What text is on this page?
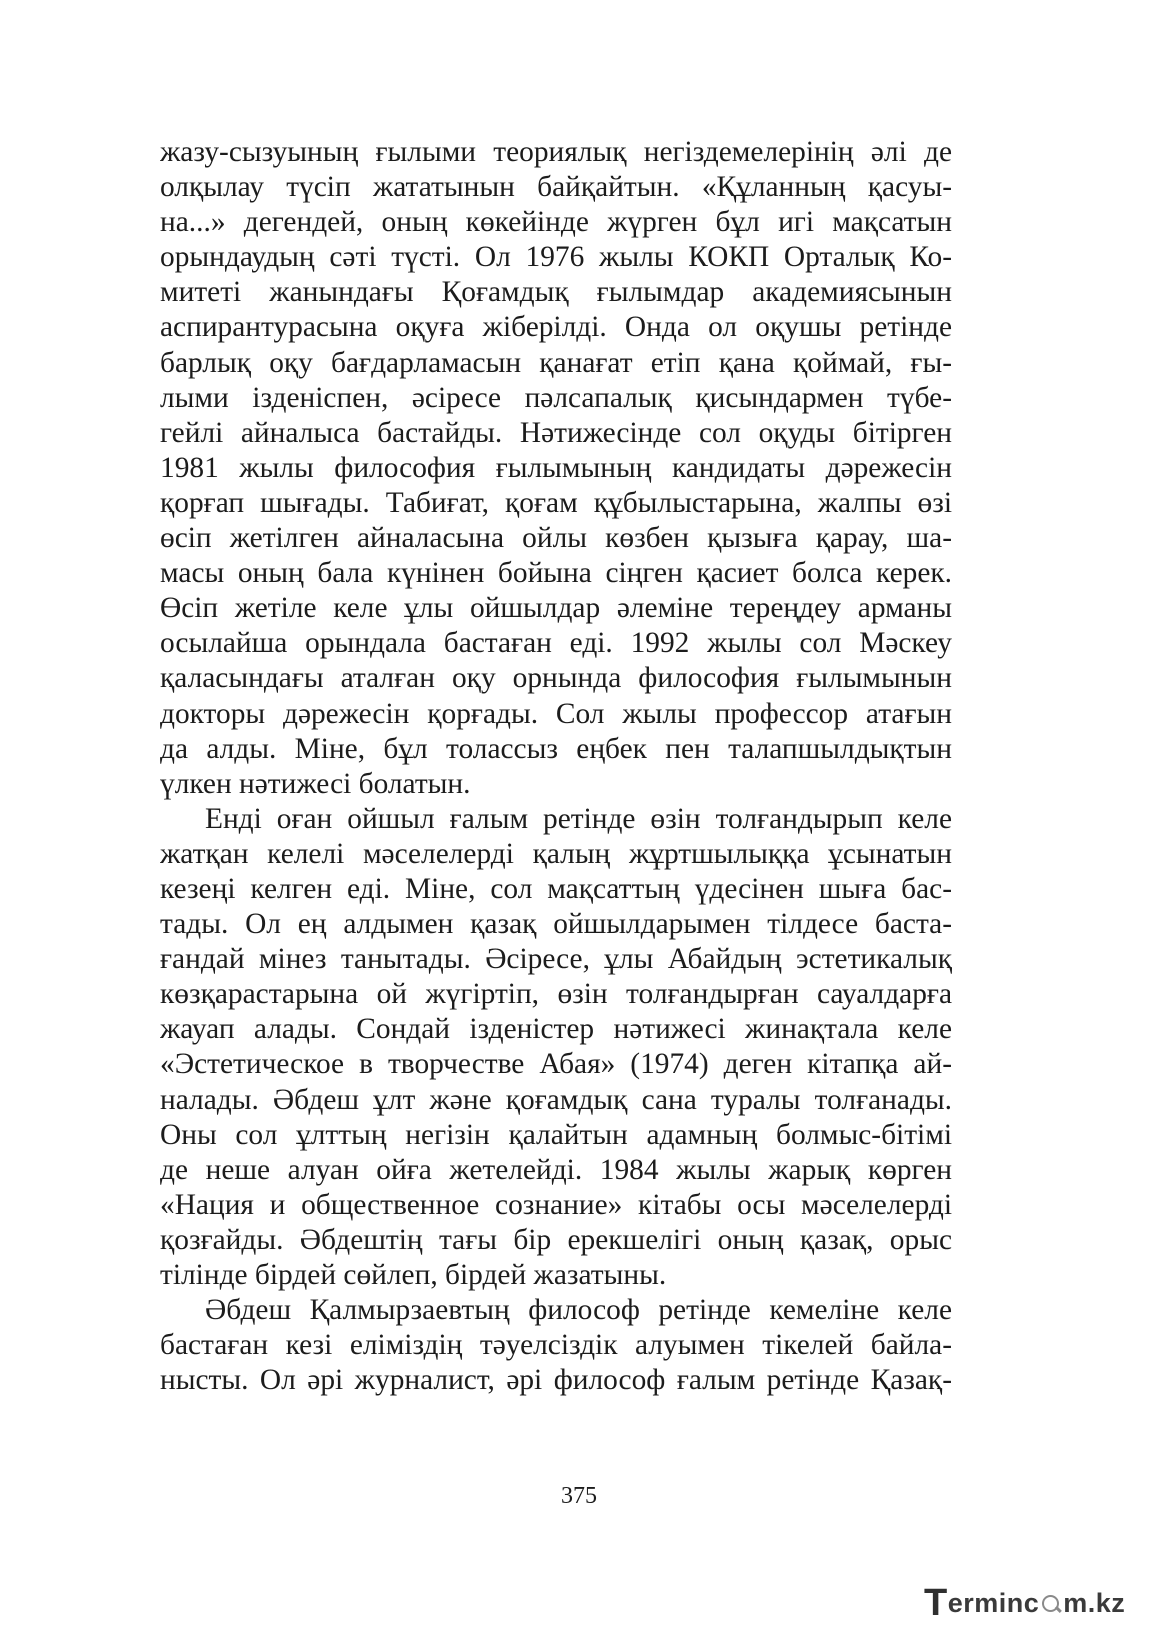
жазу-сызуының ғылыми теориялық негіздемелерінің әлі де
олқылау түсіп жататынын байқайтын. «Құланның қасуы-
на...» дегендей, оның көкейінде жүрген бұл игі мақсатын
орындаудың сәті түсті. Ол 1976 жылы КОКП Орталық Ко-
митеті жанындағы Қоғамдық ғылымдар академиясынын
аспирантурасына оқуға жіберілді. Онда ол оқушы ретінде
барлық оқу бағдарламасын қанағат етіп қана қоймай, ғы-
лыми ізденіспен, әсіресе пәлсапалық қисындармен түбе-
гейлі айналыса бастайды. Нәтижесінде сол оқуды бітірген
1981 жылы философия ғылымының кандидаты дәрежесін
қорғап шығады. Табиғат, қоғам құбылыстарына, жалпы өзі
өсіп жетілген айналасына ойлы көзбен қызыға қарау, ша-
масы оның бала күнінен бойына сіңген қасиет болса керек.
Өсіп жетіле келе ұлы ойшылдар әлеміне тереңдеу арманы
осылайша орындала бастаған еді. 1992 жылы сол Мәскеу
қаласындағы аталған оқу орнында философия ғылымынын
докторы дәрежесін қорғады. Сол жылы профессор атағын
да алды. Міне, бұл толассыз еңбек пен талапшылдықтын
үлкен нәтижесі болатын.
Енді оған ойшыл ғалым ретінде өзін толғандырып келе
жатқан келелі мәселелерді қалың жұртшылыққа ұсынатын
кезеңі келген еді. Міне, сол мақсаттың үдесінен шыға бас-
тады. Ол ең алдымен қазақ ойшылдарымен тілдесе баста-
ғандай мінез танытады. Әсіресе, ұлы Абайдың эстетикалық
көзқарастарына ой жүгіртіп, өзін толғандырған сауалдарға
жауап алады. Сондай ізденістер нәтижесі жинақтала келе
«Эстетическое в творчестве Абая» (1974) деген кітапқа ай-
налады. Әбдеш ұлт және қоғамдық сана туралы толғанады.
Оны сол ұлттың негізін қалайтын адамның болмыс-бітімі
де неше алуан ойға жетелейді. 1984 жылы жарық көрген
«Нация и общественное сознание» кітабы осы мәселелерді
қозғайды. Әбдештің тағы бір ерекшелігі оның қазақ, орыс
тілінде бірдей сөйлеп, бірдей жазатыны.
Әбдеш Қалмырзаевтың философ ретінде кемеліне келе
бастаған кезі еліміздің тәуелсіздік алуымен тікелей байла-
нысты. Ол әрі журналист, әрі философ ғалым ретінде Қазақ-
375
T erminc m.kz
